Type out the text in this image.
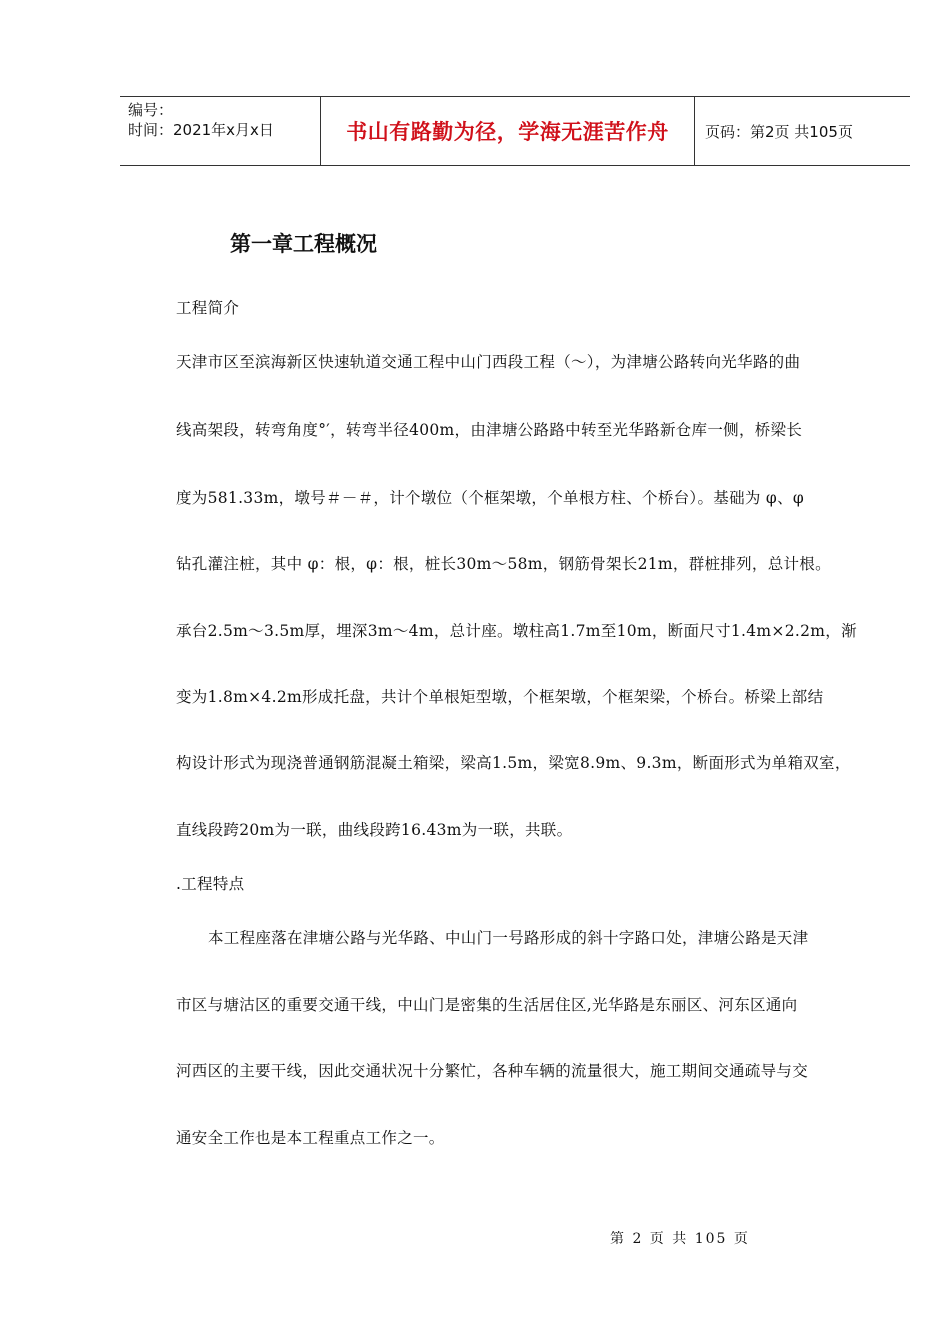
编号：
时间：2021年x月x日	书山有路勤为径，学海无涯苦作舟 页码：第2页 共105页
第一章工程概况
工程简介
天津市区至滨海新区快速轨道交通工程中山门西段工程（～），为津塘公路转向光华路的曲
线高架段，转弯角度°′，转弯半径400m，由津塘公路路中转至光华路新仓库一侧，桥梁长
度为581.33m，墩号＃－＃，计个墩位（个框架墩，个单根方柱、个桥台）。基础为 φ、φ
钻孔灌注桩，其中 φ：根，φ：根，桩长30m～58m，钢筋骨架长21m，群桩排列，总计根。
承台2.5m～3.5m厚，埋深3m～4m，总计座。墩柱高1.7m至10m，断面尺寸1.4m×2.2m，渐
变为1.8m×4.2m形成托盘，共计个单根矩型墩，个框架墩，个框架梁，个桥台。桥梁上部结
构设计形式为现浇普通钢筋混凝土箱梁，梁高1.5m，梁宽8.9m、9.3m，断面形式为单箱双室，
直线段跨20m为一联，曲线段跨16.43m为一联，共联。
.工程特点
本工程座落在津塘公路与光华路、中山门一号路形成的斜十字路口处，津塘公路是天津
市区与塘沽区的重要交通干线，中山门是密集的生活居住区,光华路是东丽区、河东区通向
河西区的主要干线，因此交通状况十分繁忙，各种车辆的流量很大，施工期间交通疏导与交
通安全工作也是本工程重点工作之一。
第 2 页 共 105 页
